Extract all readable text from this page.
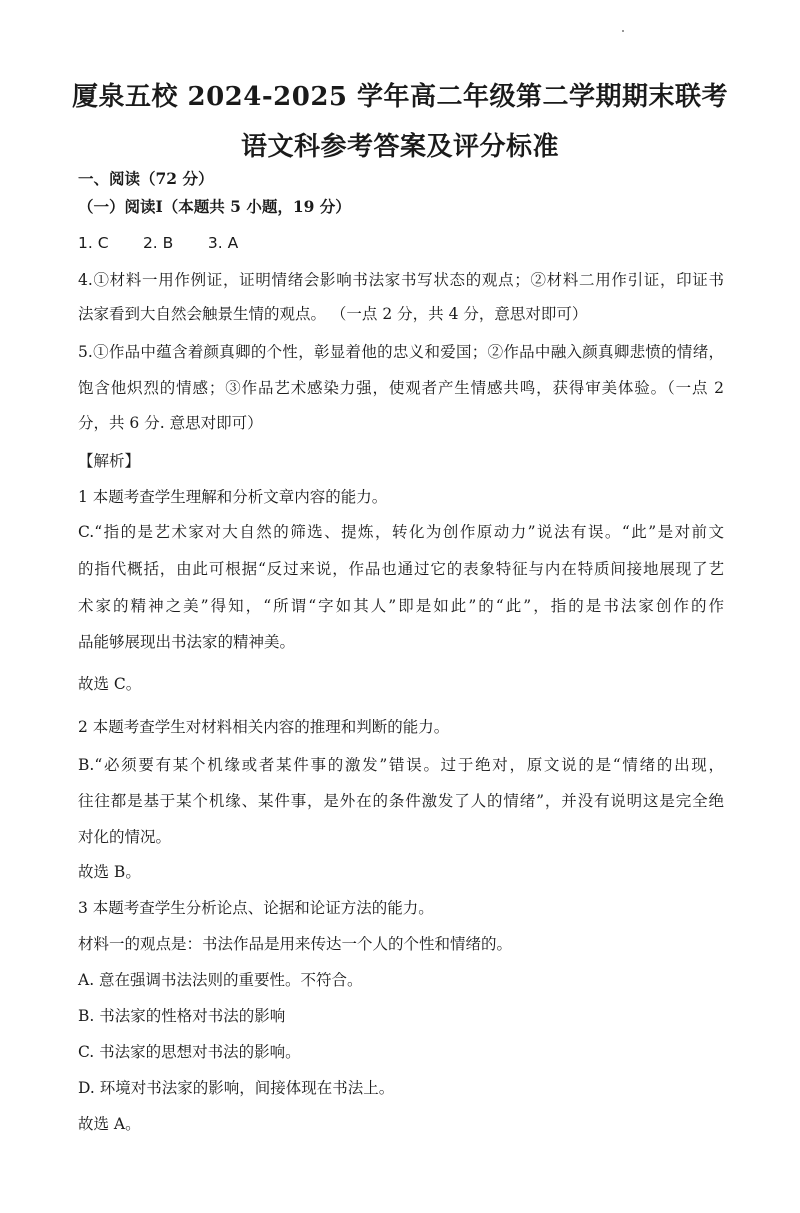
厦泉五校 2024-2025 学年高二年级第二学期期末联考
语文科参考答案及评分标准
一、阅读（72 分）
（一）阅读Ⅰ（本题共 5 小题，19 分）
1. C 2. B 3. A
4.①材料一用作例证，证明情绪会影响书法家书写状态的观点；②材料二用作引证，印证书
法家看到大自然会触景生情的观点。 （一点 2 分，共 4 分，意思对即可）
5.①作品中蕴含着颜真卿的个性，彰显着他的忠义和爱国；②作品中融入颜真卿悲愤的情绪，
饱含他炽烈的情感；③作品艺术感染力强，使观者产生情感共鸣，获得审美体验。（一点 2
分，共 6 分. 意思对即可）
【解析】
1 本题考查学生理解和分析文章内容的能力。
C.“指的是艺术家对大自然的筛选、提炼，转化为创作原动力”说法有误。“此”是对前文
的指代概括，由此可根据“反过来说，作品也通过它的表象特征与内在特质间接地展现了艺
术家的精神之美”得知，“所谓“字如其人”即是如此”的“此”，指的是书法家创作的作
品能够展现出书法家的精神美。
故选 C。
2 本题考查学生对材料相关内容的推理和判断的能力。
B.“必须要有某个机缘或者某件事的激发”错误。过于绝对，原文说的是“情绪的出现，
往往都是基于某个机缘、某件事，是外在的条件激发了人的情绪”，并没有说明这是完全绝
对化的情况。
故选 B。
3 本题考查学生分析论点、论据和论证方法的能力。
材料一的观点是：书法作品是用来传达一个人的个性和情绪的。
A. 意在强调书法法则的重要性。不符合。
B. 书法家的性格对书法的影响
C. 书法家的思想对书法的影响。
D. 环境对书法家的影响，间接体现在书法上。
故选 A。
